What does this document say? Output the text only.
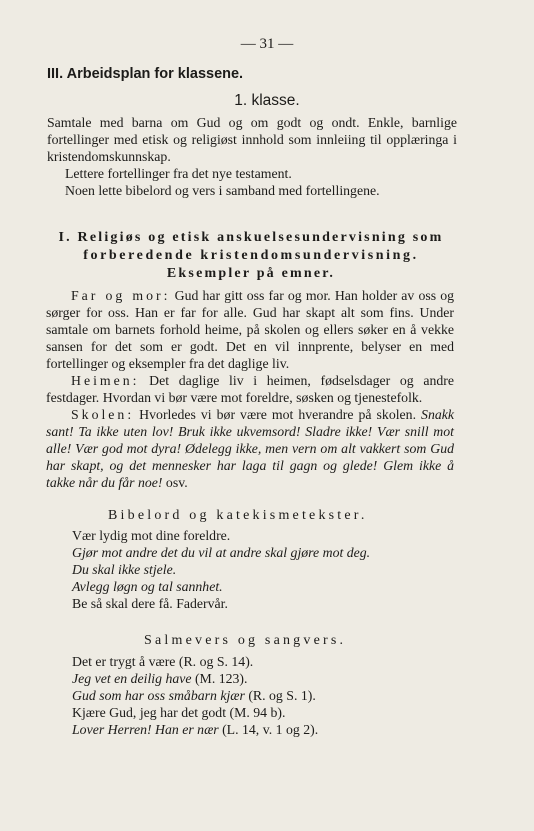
— 31 —
III. Arbeidsplan for klassene.
1. klasse.

Samtale med barna om Gud og om godt og ondt. Enkle, barnlige fortellinger med etisk og religiøst innhold som innleiing til opplæringa i kristendomskunnskap.

Lettere fortellinger fra det nye testament.

Noen lette bibelord og vers i samband med fortellingene.

I. Religiøs og etisk anskuelsesundervisning som
forberedende kristendomsundervisning.
Eksempler på emner.

Far og mor: Gud har gitt oss far og mor. Han holder av oss og sørger for oss. Han er far for alle. Gud har skapt alt som fins. Under samtale om barnets forhold heime, på skolen og ellers søker en å vekke sansen for det som er godt. Det en vil innprente, belyser en med fortellinger og eksempler fra det daglige liv.

Heimen: Det daglige liv i heimen, fødselsdager og andre festdager. Hvordan vi bør være mot foreldre, søsken og tjenestefolk.

Skolen: Hvorledes vi bør være mot hverandre på skolen. Snakk sant! Ta ikke uten lov! Bruk ikke ukvemsord! Sladre ikke! Vær snill mot alle! Vær god mot dyra! Ødelegg ikke, men vern om alt vakkert som Gud har skapt, og det mennesker har laga til gagn og glede! Glem ikke å takke når du får noe! osv.

Bibelord og katekismetekster.
Vær lydig mot dine foreldre.
Gjør mot andre det du vil at andre skal gjøre mot deg.
Du skal ikke stjele.
Avlegg løgn og tal sannhet.
Be så skal dere få. Fadervår.
Salmevers og sangvers.
Det er trygt å være (R. og S. 14).
Jeg vet en deilig have (M. 123).
Gud som har oss småbarn kjær (R. og S. 1).
Kjære Gud, jeg har det godt (M. 94 b).
Lover Herren! Han er nær (L. 14, v. 1 og 2).
